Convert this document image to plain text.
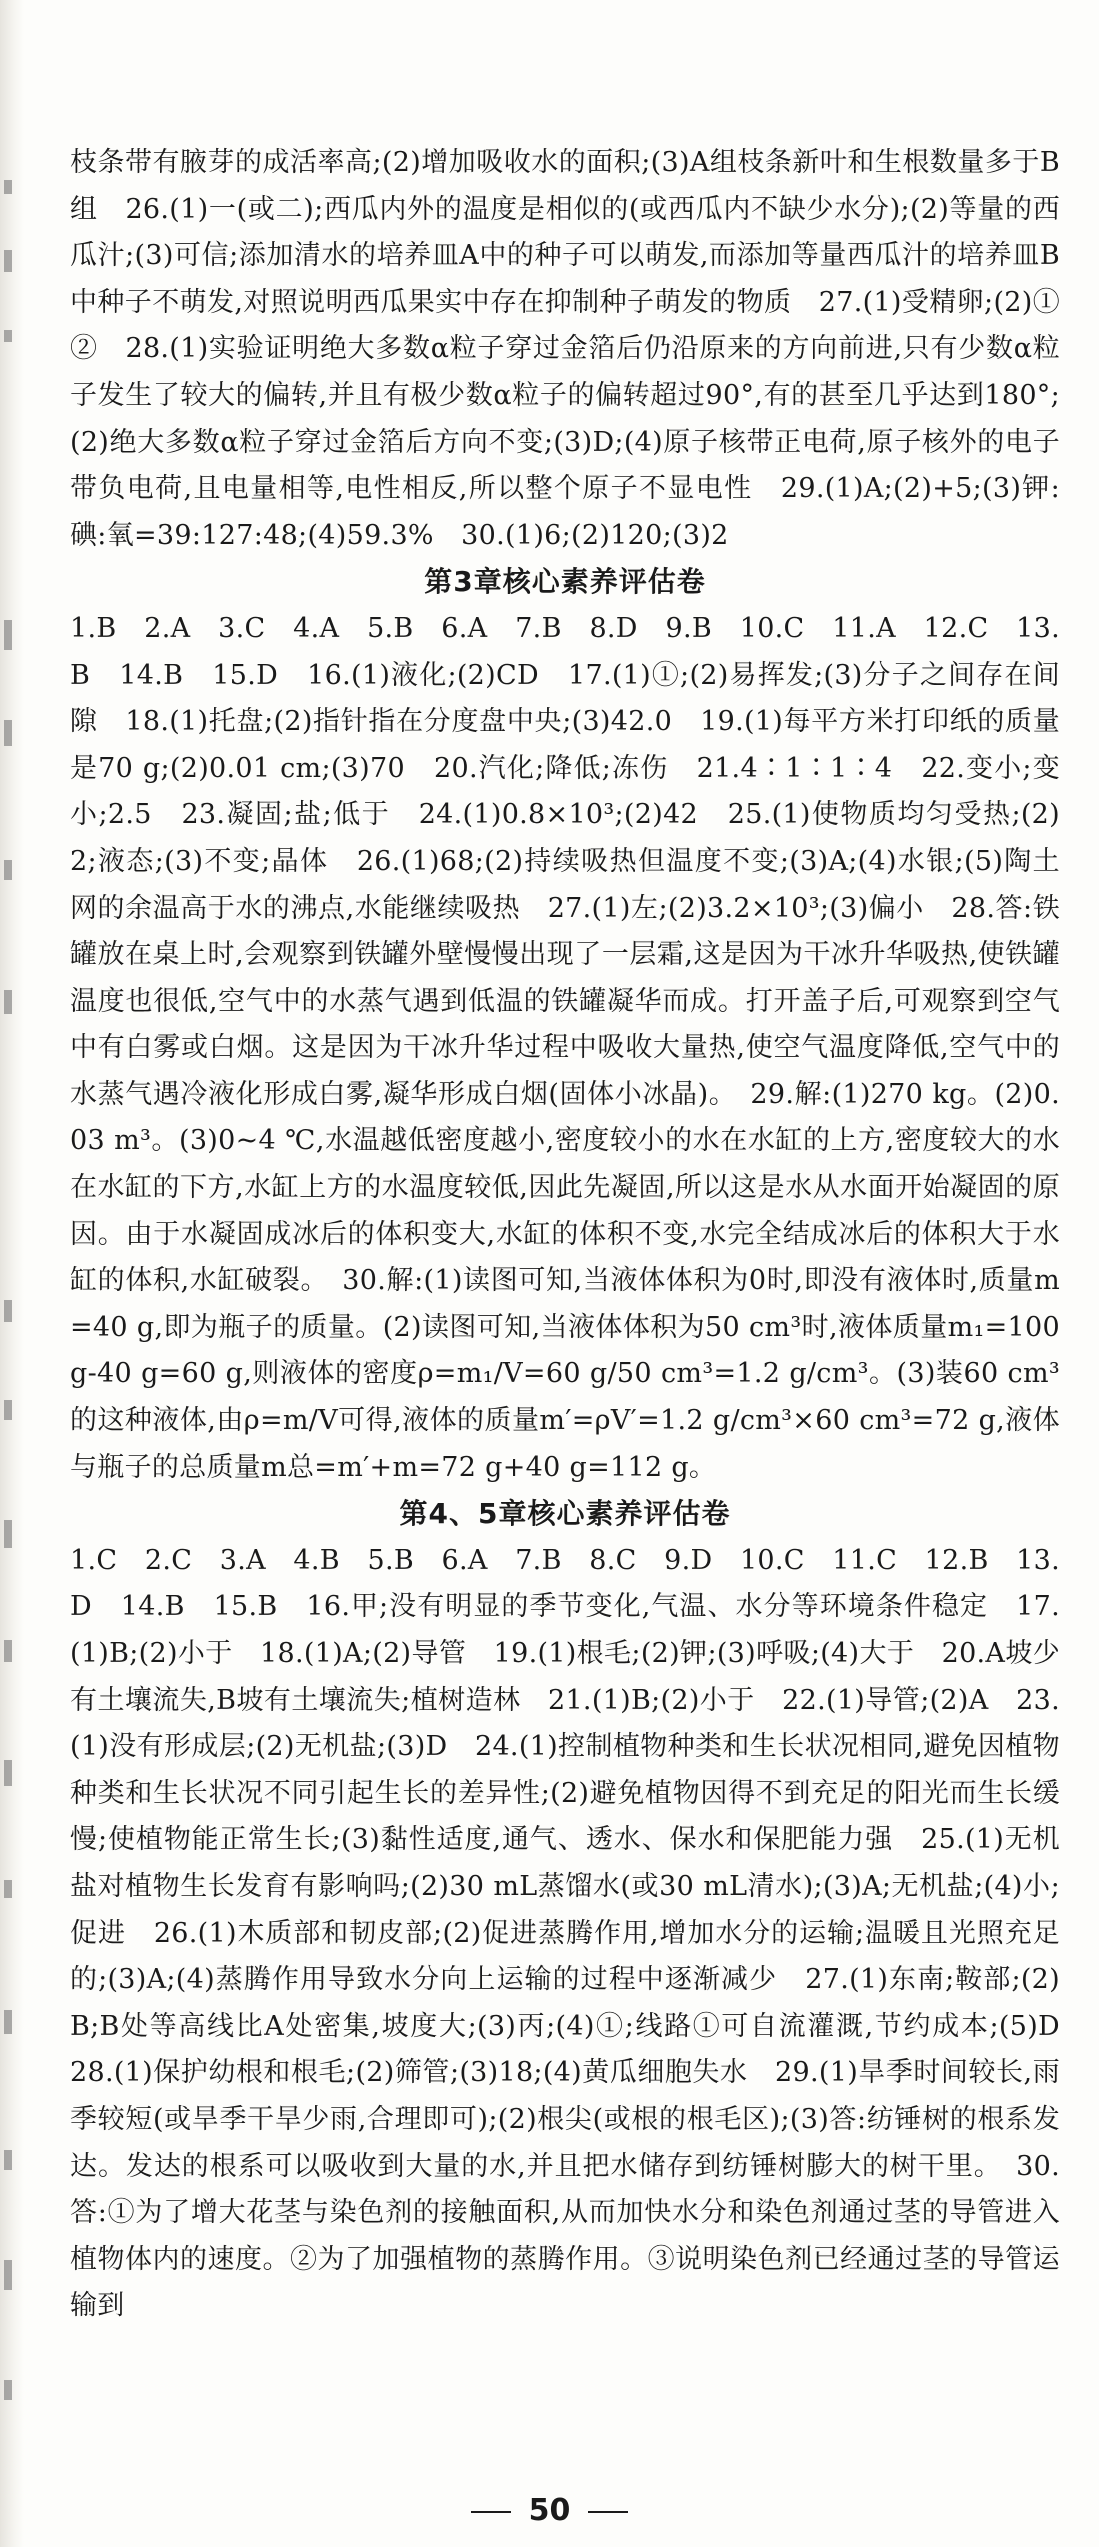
枝条带有腋芽的成活率高;(2)增加吸收水的面积;(3)A组枝条新叶和生根数量多于B组　26.(1)一(或二);西瓜内外的温度是相似的(或西瓜内不缺少水分);(2)等量的西瓜汁;(3)可信;添加清水的培养皿A中的种子可以萌发,而添加等量西瓜汁的培养皿B中种子不萌发,对照说明西瓜果实中存在抑制种子萌发的物质　27.(1)受精卵;(2)①②　28.(1)实验证明绝大多数α粒子穿过金箔后仍沿原来的方向前进,只有少数α粒子发生了较大的偏转,并且有极少数α粒子的偏转超过90°,有的甚至几乎达到180°;(2)绝大多数α粒子穿过金箔后方向不变;(3)D;(4)原子核带正电荷,原子核外的电子带负电荷,且电量相等,电性相反,所以整个原子不显电性　29.(1)A;(2)+5;(3)钾:碘:氧=39:127:48;(4)59.3%　30.(1)6;(2)120;(3)2

第3章核心素养评估卷

1.B　2.A　3.C　4.A　5.B　6.A　7.B　8.D　9.B　10.C　11.A　12.C　13.B　14.B　15.D　16.(1)液化;(2)CD　17.(1)①;(2)易挥发;(3)分子之间存在间隙　18.(1)托盘;(2)指针指在分度盘中央;(3)42.0　19.(1)每平方米打印纸的质量是70 g;(2)0.01 cm;(3)70　20.汽化;降低;冻伤　21.4∶1∶1∶4　22.变小;变小;2.5　23.凝固;盐;低于　24.(1)0.8×10³;(2)42　25.(1)使物质均匀受热;(2)2;液态;(3)不变;晶体　26.(1)68;(2)持续吸热但温度不变;(3)A;(4)水银;(5)陶土网的余温高于水的沸点,水能继续吸热　27.(1)左;(2)3.2×10³;(3)偏小　28.答:铁罐放在桌上时,会观察到铁罐外壁慢慢出现了一层霜,这是因为干冰升华吸热,使铁罐温度也很低,空气中的水蒸气遇到低温的铁罐凝华而成。打开盖子后,可观察到空气中有白雾或白烟。这是因为干冰升华过程中吸收大量热,使空气温度降低,空气中的水蒸气遇冷液化形成白雾,凝华形成白烟(固体小冰晶)。　29.解:(1)270 kg。(2)0.03 m³。(3)0~4 ℃,水温越低密度越小,密度较小的水在水缸的上方,密度较大的水在水缸的下方,水缸上方的水温度较低,因此先凝固,所以这是水从水面开始凝固的原因。由于水凝固成冰后的体积变大,水缸的体积不变,水完全结成冰后的体积大于水缸的体积,水缸破裂。　30.解:(1)读图可知,当液体体积为0时,即没有液体时,质量m=40 g,即为瓶子的质量。(2)读图可知,当液体体积为50 cm³时,液体质量m₁=100 g-40 g=60 g,则液体的密度ρ=m₁/V=60 g/50 cm³=1.2 g/cm³。(3)装60 cm³的这种液体,由ρ=m/V可得,液体的质量m′=ρV′=1.2 g/cm³×60 cm³=72 g,液体与瓶子的总质量m总=m′+m=72 g+40 g=112 g。

第4、5章核心素养评估卷

1.C　2.C　3.A　4.B　5.B　6.A　7.B　8.C　9.D　10.C　11.C　12.B　13.D　14.B　15.B　16.甲;没有明显的季节变化,气温、水分等环境条件稳定　17.(1)B;(2)小于　18.(1)A;(2)导管　19.(1)根毛;(2)钾;(3)呼吸;(4)大于　20.A坡少有土壤流失,B坡有土壤流失;植树造林　21.(1)B;(2)小于　22.(1)导管;(2)A　23.(1)没有形成层;(2)无机盐;(3)D　24.(1)控制植物种类和生长状况相同,避免因植物种类和生长状况不同引起生长的差异性;(2)避免植物因得不到充足的阳光而生长缓慢;使植物能正常生长;(3)黏性适度,通气、透水、保水和保肥能力强　25.(1)无机盐对植物生长发育有影响吗;(2)30 mL蒸馏水(或30 mL清水);(3)A;无机盐;(4)小;促进　26.(1)木质部和韧皮部;(2)促进蒸腾作用,增加水分的运输;温暖且光照充足的;(3)A;(4)蒸腾作用导致水分向上运输的过程中逐渐减少　27.(1)东南;鞍部;(2)B;B处等高线比A处密集,坡度大;(3)丙;(4)①;线路①可自流灌溉,节约成本;(5)D　28.(1)保护幼根和根毛;(2)筛管;(3)18;(4)黄瓜细胞失水　29.(1)旱季时间较长,雨季较短(或旱季干旱少雨,合理即可);(2)根尖(或根的根毛区);(3)答:纺锤树的根系发达。发达的根系可以吸收到大量的水,并且把水储存到纺锤树膨大的树干里。　30.答:①为了增大花茎与染色剂的接触面积,从而加快水分和染色剂通过茎的导管进入植物体内的速度。②为了加强植物的蒸腾作用。③说明染色剂已经通过茎的导管运输到

50
